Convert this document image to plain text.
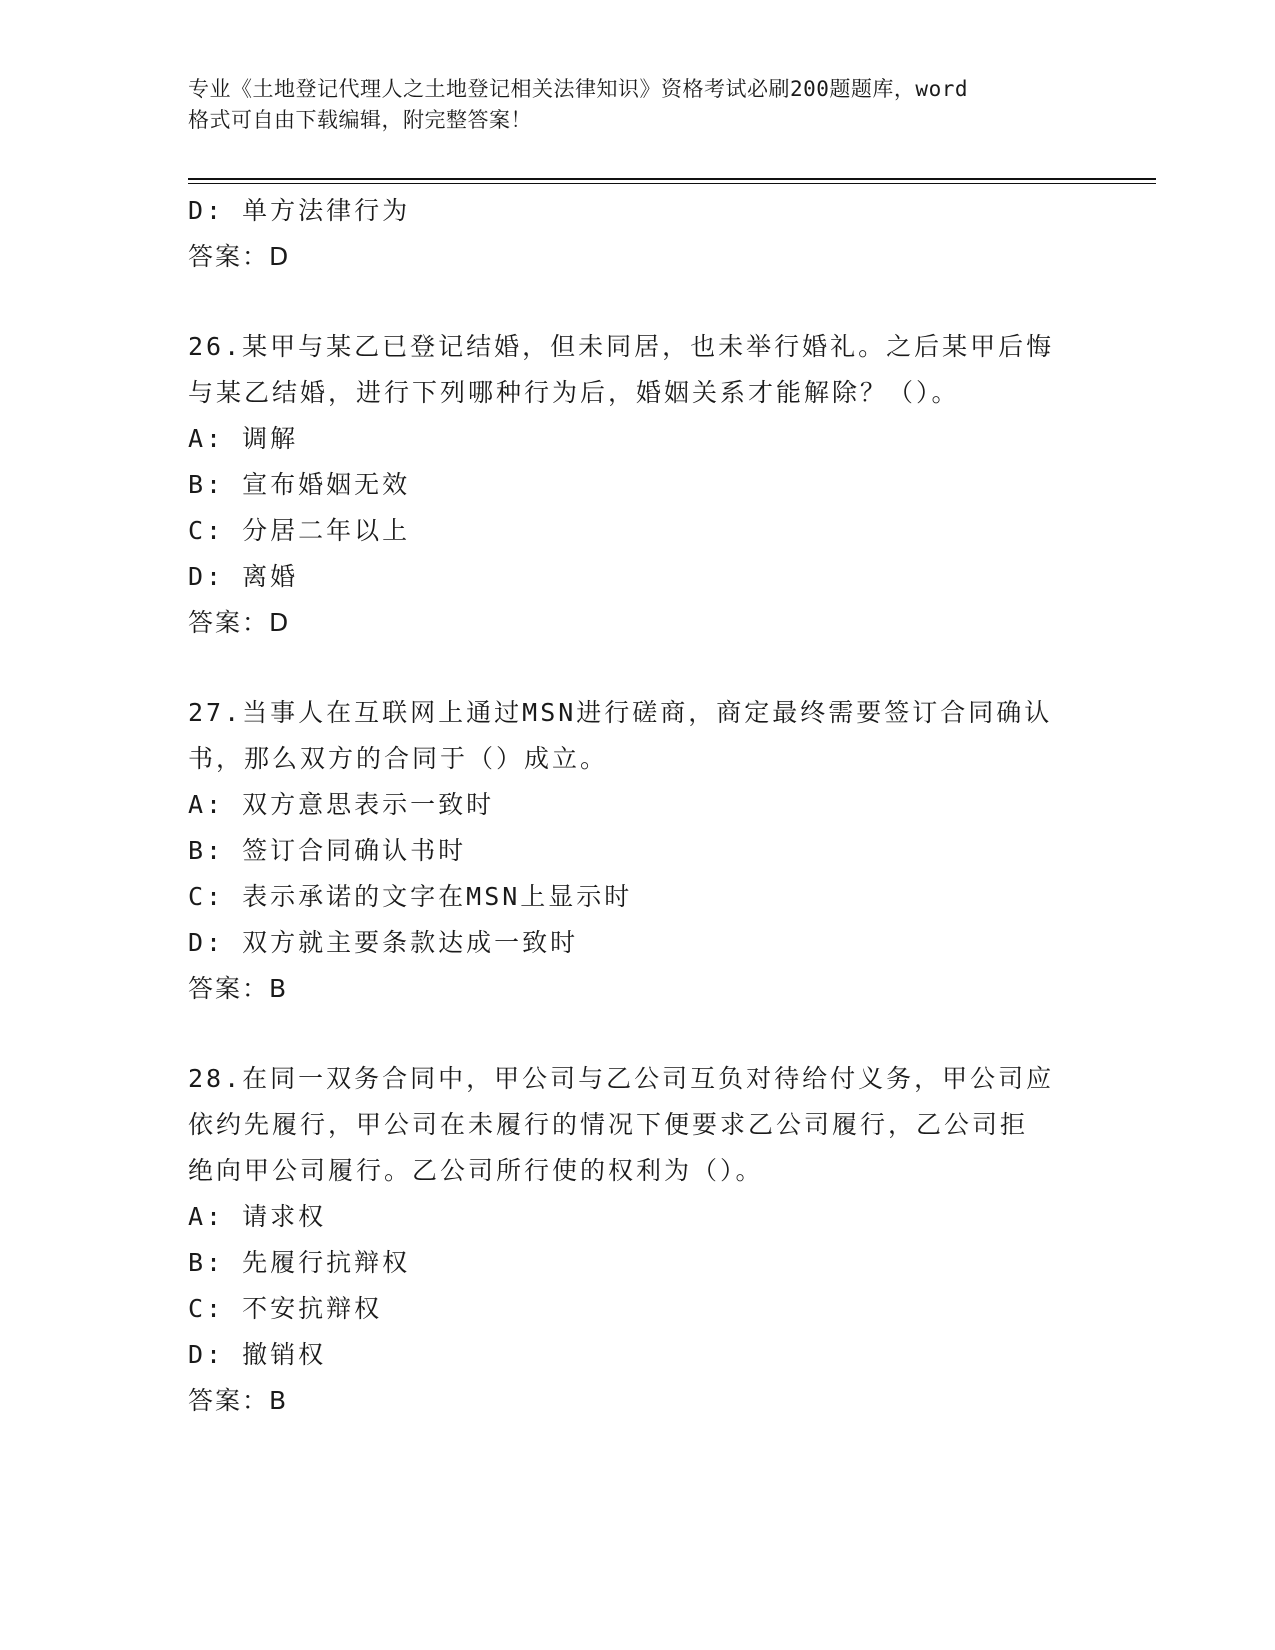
专业《土地登记代理人之土地登记相关法律知识》资格考试必刷200题题库，word
格式可自由下载编辑，附完整答案！
D: 单方法律行为
答案：D
26.某甲与某乙已登记结婚，但未同居，也未举行婚礼。之后某甲后悔
与某乙结婚，进行下列哪种行为后，婚姻关系才能解除？（）。
A: 调解
B: 宣布婚姻无效
C: 分居二年以上
D: 离婚
答案：D
27.当事人在互联网上通过MSN进行磋商，商定最终需要签订合同确认
书，那么双方的合同于（）成立。
A: 双方意思表示一致时
B: 签订合同确认书时
C: 表示承诺的文字在MSN上显示时
D: 双方就主要条款达成一致时
答案：B
28.在同一双务合同中，甲公司与乙公司互负对待给付义务，甲公司应
依约先履行，甲公司在未履行的情况下便要求乙公司履行，乙公司拒
绝向甲公司履行。乙公司所行使的权利为（）。
A: 请求权
B: 先履行抗辩权
C: 不安抗辩权
D: 撤销权
答案：B
